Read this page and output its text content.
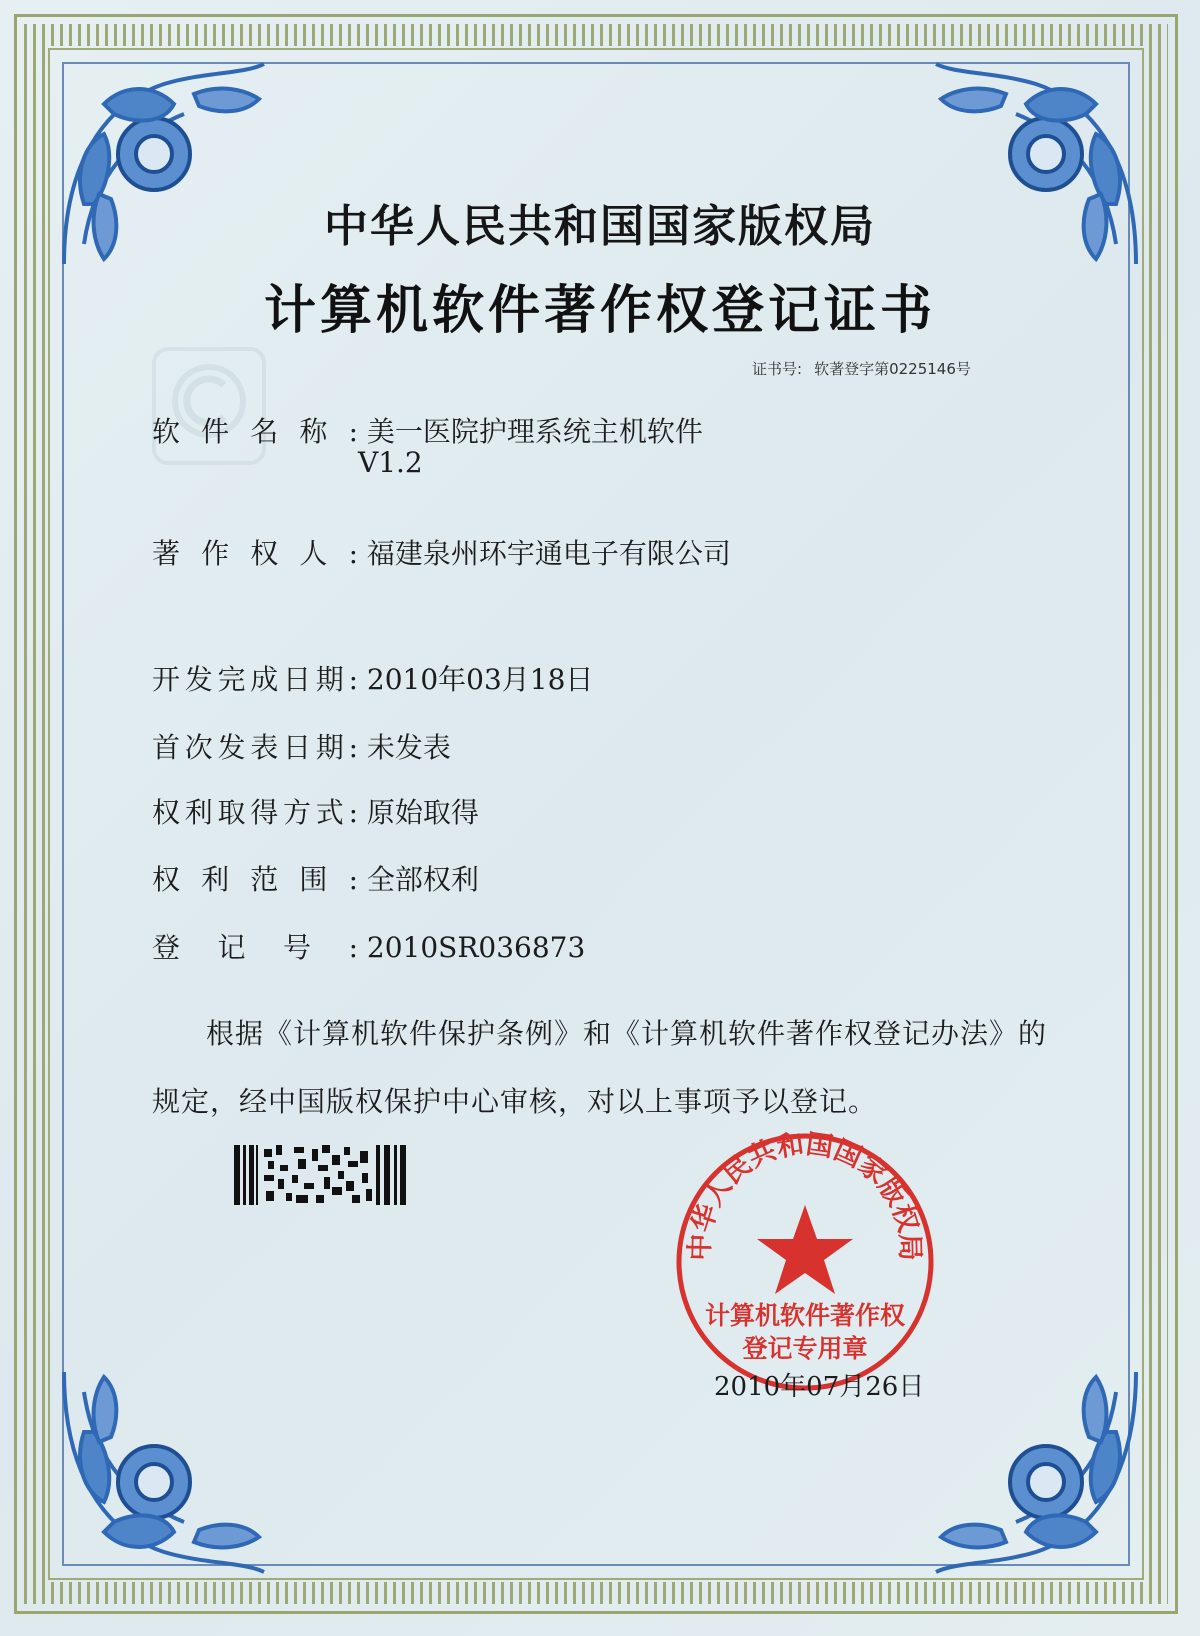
中华人民共和国国家版权局
计算机软件著作权登记证书
证书号: 软著登字第0225146号
软件名称: 美一医院护理系统主机软件
V1.2
著作权人: 福建泉州环宇通电子有限公司
开发完成日期: 2010年03月18日
首次发表日期: 未发表
权利取得方式: 原始取得
权利范围: 全部权利
登记号: 2010SR036873
根据《计算机软件保护条例》和《计算机软件著作权登记办法》的
规定，经中国版权保护中心审核，对以上事项予以登记。
中华人民共和国国家版权局
计算机软件著作权
登记专用章
2010年07月26日
